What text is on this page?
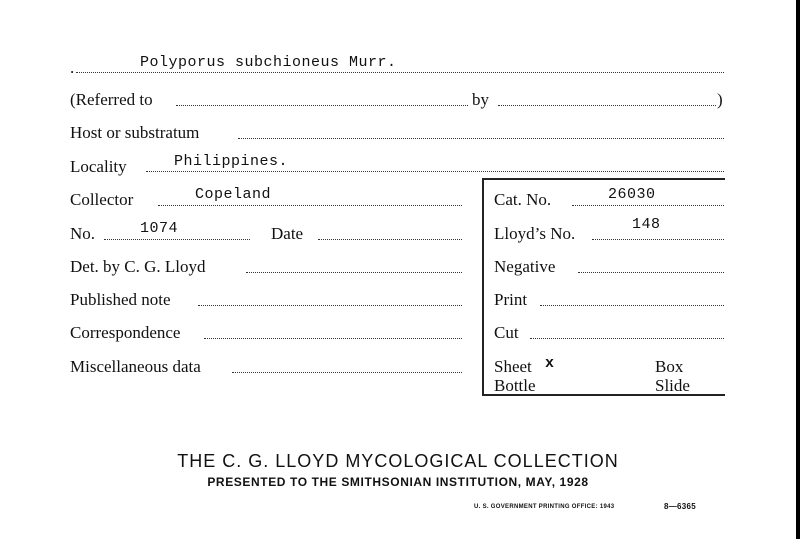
.	Polyporus subchioneus Murr.
(Referred to	by	)
Host or substratum
Locality	Philippines.
Collector	Copeland
No.	1074	Date
Det. by C. G. Lloyd
Published note
Correspondence
Miscellaneous data
Cat. No.	26030
Lloyd’s No.	148
Negative
Print
Cut
Sheet x	Box
Bottle	Slide
THE C. G. LLOYD MYCOLOGICAL COLLECTION
PRESENTED TO THE SMITHSONIAN INSTITUTION, MAY, 1928
U. S. GOVERNMENT PRINTING OFFICE: 1943	8—6365
